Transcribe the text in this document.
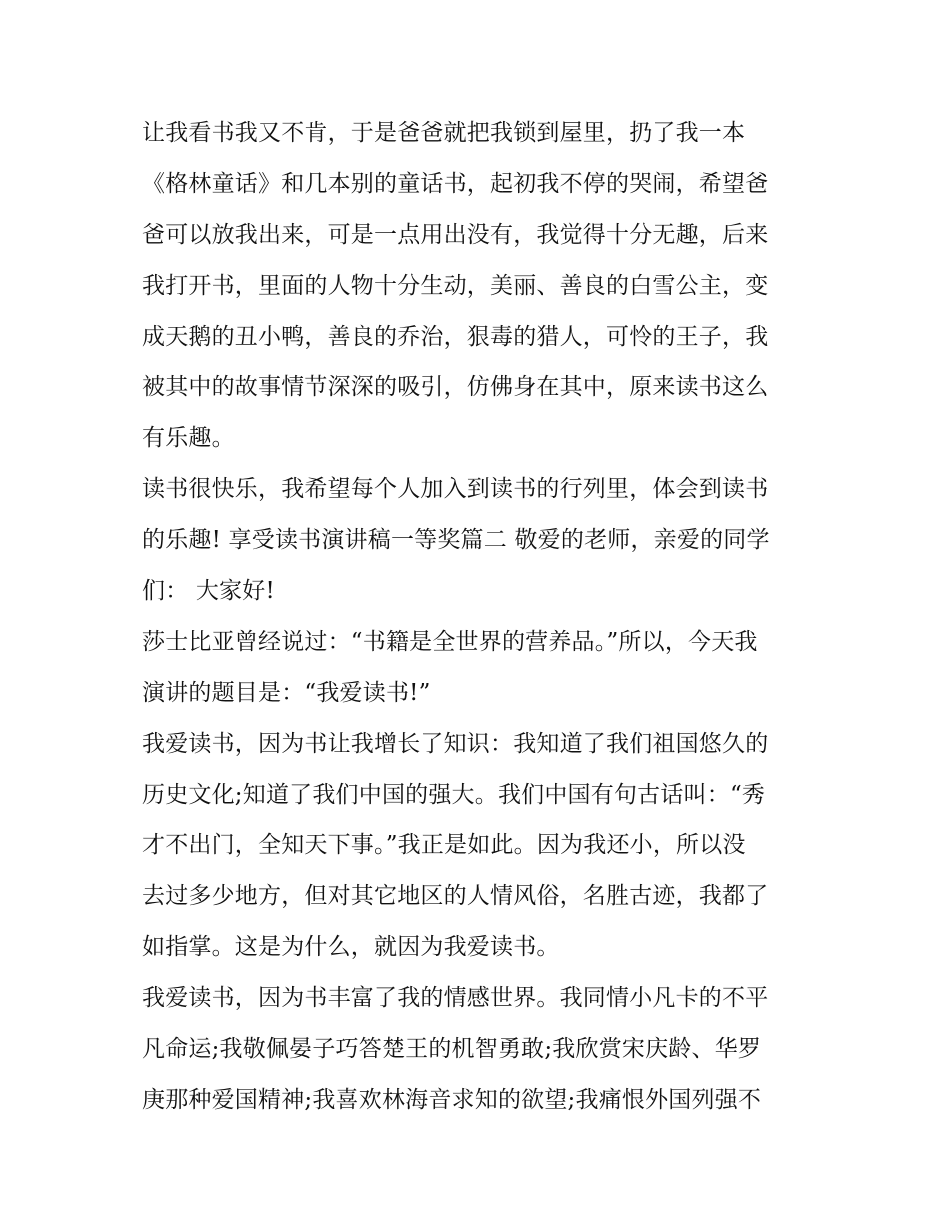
让我看书我又不肯，于是爸爸就把我锁到屋里，扔了我一本
《格林童话》和几本别的童话书，起初我不停的哭闹，希望爸
爸可以放我出来，可是一点用出没有，我觉得十分无趣，后来
我打开书，里面的人物十分生动，美丽、善良的白雪公主，变
成天鹅的丑小鸭，善良的乔治，狠毒的猎人，可怜的王子，我
被其中的故事情节深深的吸引，仿佛身在其中，原来读书这么
有乐趣。
读书很快乐，我希望每个人加入到读书的行列里，体会到读书
的乐趣! 享受读书演讲稿一等奖篇二 敬爱的老师，亲爱的同学
们： 大家好!
莎士比亚曾经说过：“书籍是全世界的营养品。”所以，今天我
演讲的题目是：“我爱读书!”
我爱读书，因为书让我增长了知识：我知道了我们祖国悠久的
历史文化;知道了我们中国的强大。我们中国有句古话叫：“秀
才不出门，全知天下事。”我正是如此。因为我还小，所以没
去过多少地方，但对其它地区的人情风俗，名胜古迹，我都了
如指掌。这是为什么，就因为我爱读书。
我爱读书，因为书丰富了我的情感世界。我同情小凡卡的不平
凡命运;我敬佩晏子巧答楚王的机智勇敢;我欣赏宋庆龄、华罗
庚那种爱国精神;我喜欢林海音求知的欲望;我痛恨外国列强不
